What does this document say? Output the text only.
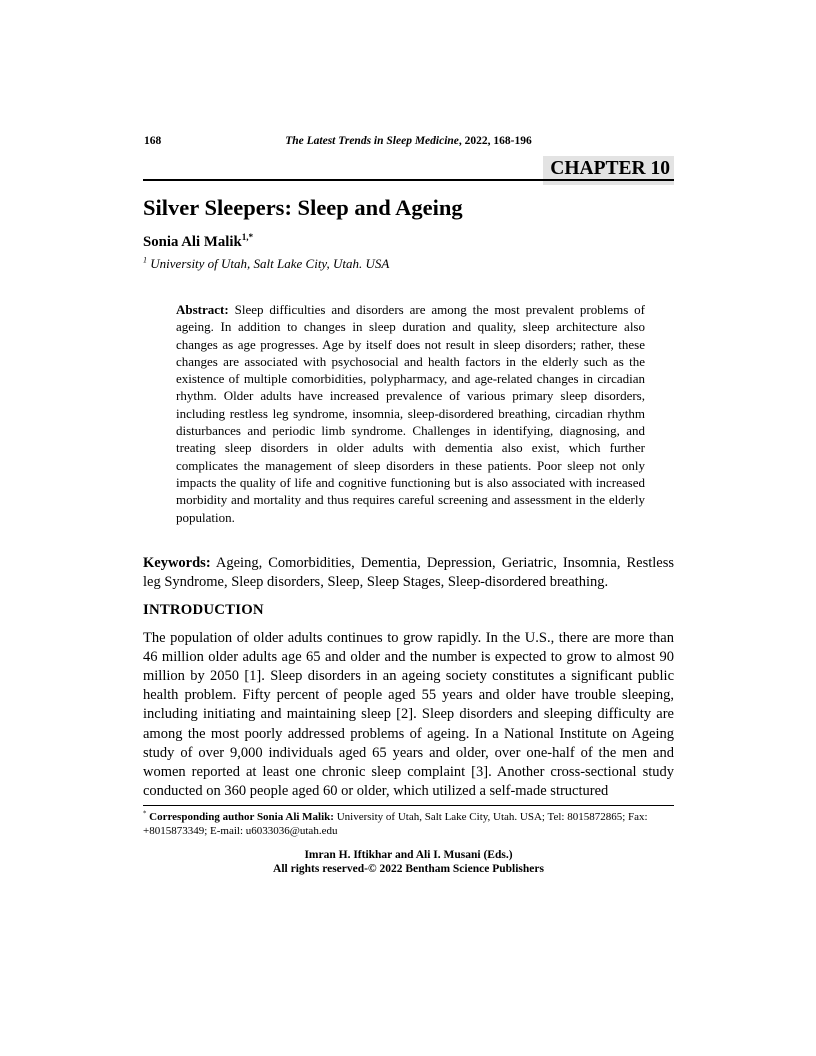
168	The Latest Trends in Sleep Medicine, 2022, 168-196
CHAPTER 10
Silver Sleepers: Sleep and Ageing

Sonia Ali Malik$^{1,*}$

$^1$ University of Utah, Salt Lake City, Utah. USA

Abstract: Sleep difficulties and disorders are among the most prevalent problems of ageing. In addition to changes in sleep duration and quality, sleep architecture also changes as age progresses. Age by itself does not result in sleep disorders; rather, these changes are associated with psychosocial and health factors in the elderly such as the existence of multiple comorbidities, polypharmacy, and age-related changes in circadian rhythm. Older adults have increased prevalence of various primary sleep disorders, including restless leg syndrome, insomnia, sleep-disordered breathing, circadian rhythm disturbances and periodic limb syndrome. Challenges in identifying, diagnosing, and treating sleep disorders in older adults with dementia also exist, which further complicates the management of sleep disorders in these patients. Poor sleep not only impacts the quality of life and cognitive functioning but is also associated with increased morbidity and mortality and thus requires careful screening and assessment in the elderly population.

Keywords: Ageing, Comorbidities, Dementia, Depression, Geriatric, Insomnia, Restless leg Syndrome, Sleep disorders, Sleep, Sleep Stages, Sleep-disordered breathing.

INTRODUCTION

The population of older adults continues to grow rapidly. In the U.S., there are more than 46 million older adults age 65 and older and the number is expected to grow to almost 90 million by 2050 [1]. Sleep disorders in an ageing society constitutes a significant public health problem. Fifty percent of people aged 55 years and older have trouble sleeping, including initiating and maintaining sleep [2]. Sleep disorders and sleeping difficulty are among the most poorly addressed problems of ageing. In a National Institute on Ageing study of over 9,000 individuals aged 65 years and older, over one-half of the men and women reported at least one chronic sleep complaint [3]. Another cross-sectional study conducted on 360 people aged 60 or older, which utilized a self-made structured

* Corresponding author Sonia Ali Malik: University of Utah, Salt Lake City, Utah. USA; Tel: 8015872865; Fax: +8015873349; E-mail: u6033036@utah.edu
Imran H. Iftikhar and Ali I. Musani (Eds.)
All rights reserved-© 2022 Bentham Science Publishers
